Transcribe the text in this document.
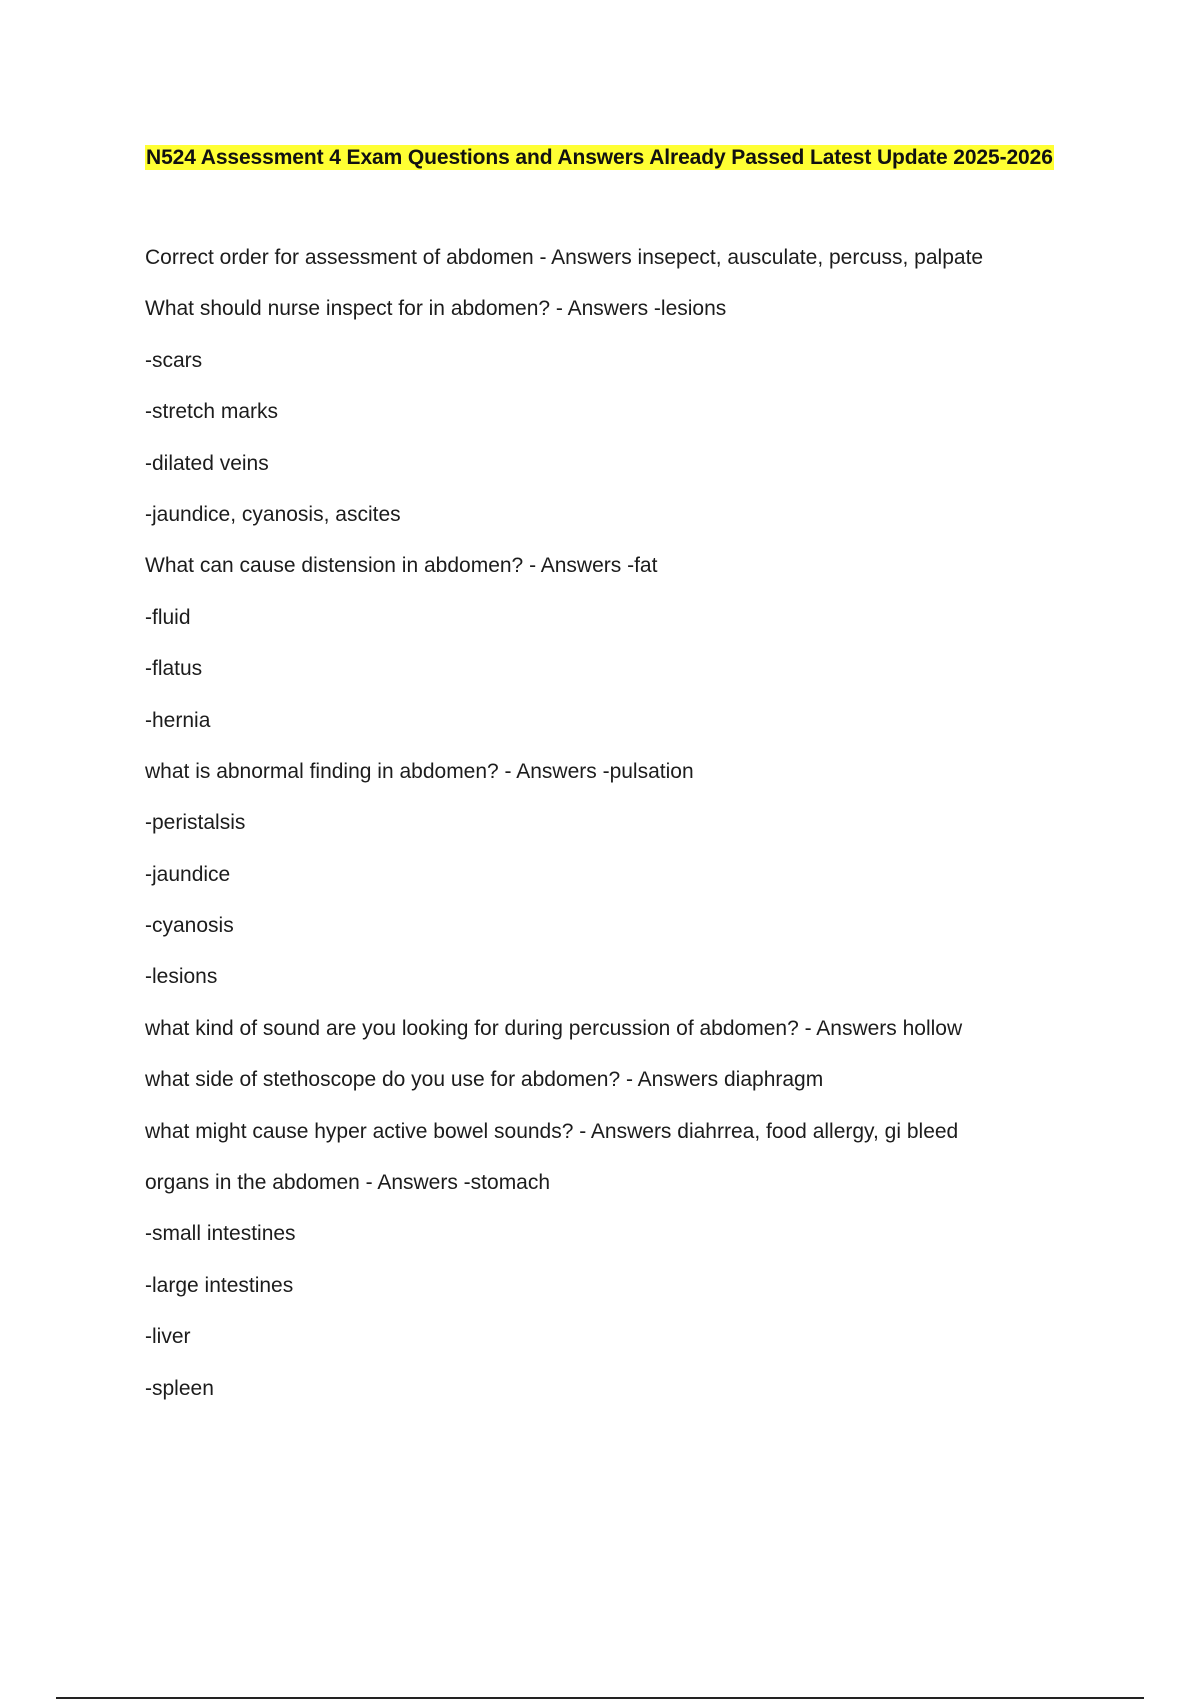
N524 Assessment 4 Exam Questions and Answers Already Passed Latest Update 2025-2026
Correct order for assessment of abdomen - Answers insepect, ausculate, percuss, palpate
What should nurse inspect for in abdomen? - Answers -lesions
-scars
-stretch marks
-dilated veins
-jaundice, cyanosis, ascites
What can cause distension in abdomen? - Answers -fat
-fluid
-flatus
-hernia
what is abnormal finding in abdomen? - Answers -pulsation
-peristalsis
-jaundice
-cyanosis
-lesions
what kind of sound are you looking for during percussion of abdomen? - Answers hollow
what side of stethoscope do you use for abdomen? - Answers diaphragm
what might cause hyper active bowel sounds? - Answers diahrrea, food allergy, gi bleed
organs in the abdomen - Answers -stomach
-small intestines
-large intestines
-liver
-spleen
